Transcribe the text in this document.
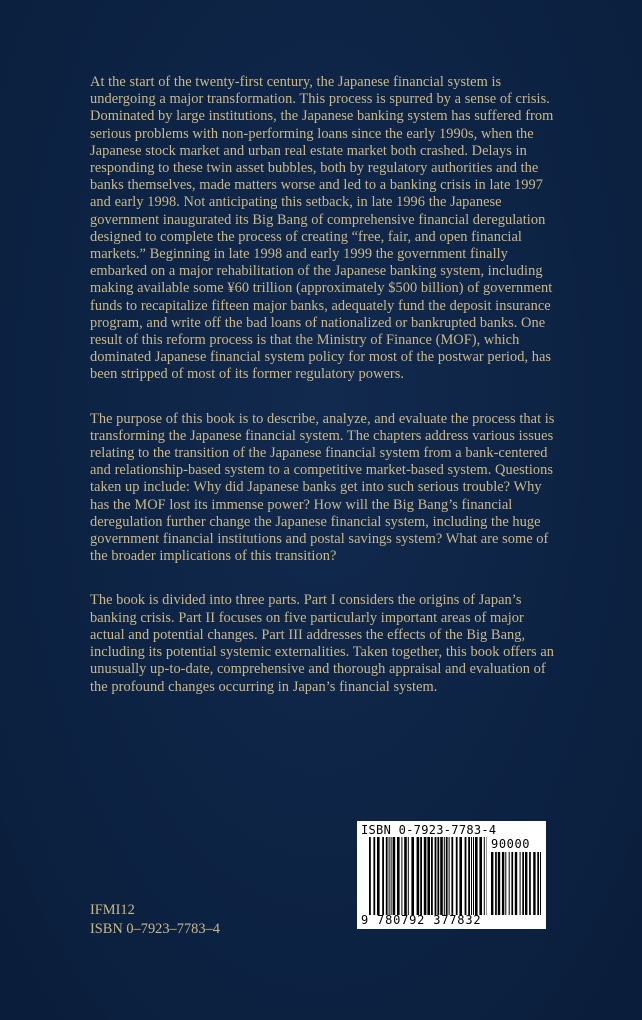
At the start of the twenty-first century, the Japanese financial system is undergoing a major transformation. This process is spurred by a sense of crisis. Dominated by large institutions, the Japanese banking system has suffered from serious problems with non-performing loans since the early 1990s, when the Japanese stock market and urban real estate market both crashed. Delays in responding to these twin asset bubbles, both by regulatory authorities and the banks themselves, made matters worse and led to a banking crisis in late 1997 and early 1998. Not anticipating this setback, in late 1996 the Japanese government inaugurated its Big Bang of comprehensive financial deregulation designed to complete the process of creating “free, fair, and open financial markets.” Beginning in late 1998 and early 1999 the government finally embarked on a major rehabilitation of the Japanese banking system, including making available some ¥60 trillion (approximately $500 billion) of government funds to recapitalize fifteen major banks, adequately fund the deposit insurance program, and write off the bad loans of nationalized or bankrupted banks. One result of this reform process is that the Ministry of Finance (MOF), which dominated Japanese financial system policy for most of the postwar period, has been stripped of most of its former regulatory powers.

The purpose of this book is to describe, analyze, and evaluate the process that is transforming the Japanese financial system. The chapters address various issues relating to the transition of the Japanese financial system from a bank-centered and relationship-based system to a competitive market-based system. Questions taken up include: Why did Japanese banks get into such serious trouble? Why has the MOF lost its immense power? How will the Big Bang’s financial deregulation further change the Japanese financial system, including the huge government financial institutions and postal savings system? What are some of the broader implications of this transition?

The book is divided into three parts. Part I considers the origins of Japan’s banking crisis. Part II focuses on five particularly important areas of major actual and potential changes. Part III addresses the effects of the Big Bang, including its potential systemic externalities. Taken together, this book offers an unusually up-to-date, comprehensive and thorough appraisal and evaluation of the profound changes occurring in Japan’s financial system.

IFMI12
ISBN 0–7923–7783–4
ISBN 0-7923-7783-4
90000
9 780792 377832
